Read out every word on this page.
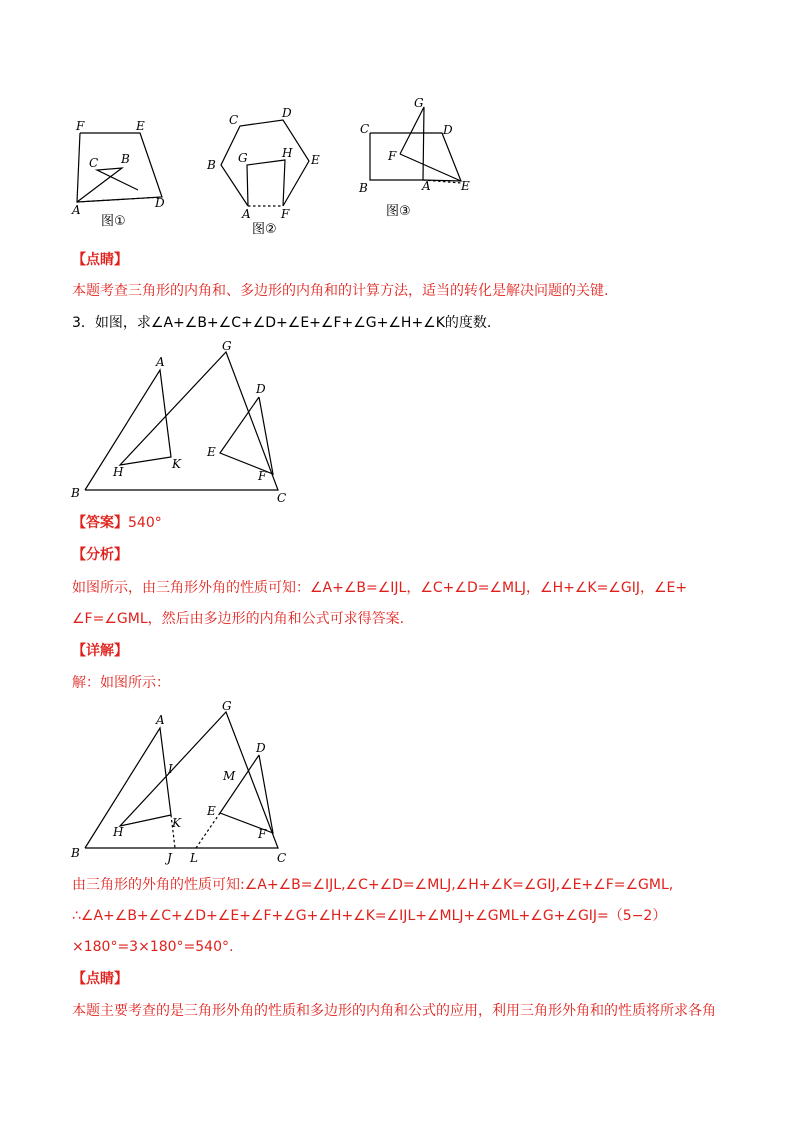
F	E
C B
A	D
图①
C	D
B	E
G	H
A	F
图②
G
C	D
F
B	A	E
图③
【点睛】
本题考查三角形的内角和、多边形的内角和的计算方法，适当的转化是解决问题的关键.
3．如图，求∠A+∠B+∠C+∠D+∠E+∠F+∠G+∠H+∠K的度数.
A
G
D
E
H
K
F
B	C
【答案】540°
【分析】
如图所示，由三角形外角的性质可知：∠A+∠B=∠IJL，∠C+∠D=∠MLJ，∠H+∠K=∠GIJ，∠E+
∠F=∠GML，然后由多边形的内角和公式可求得答案.
【详解】
解：如图所示：
A
G
D
I	M
E
H
K
F
B	J L	C
由三角形的外角的性质可知:∠A+∠B=∠IJL,∠C+∠D=∠MLJ,∠H+∠K=∠GIJ,∠E+∠F=∠GML,
∴∠A+∠B+∠C+∠D+∠E+∠F+∠G+∠H+∠K=∠IJL+∠MLJ+∠GML+∠G+∠GIJ=（5−2）
×180°=3×180°=540°.
【点睛】
本题主要考查的是三角形外角的性质和多边形的内角和公式的应用，利用三角形外角和的性质将所求各角
